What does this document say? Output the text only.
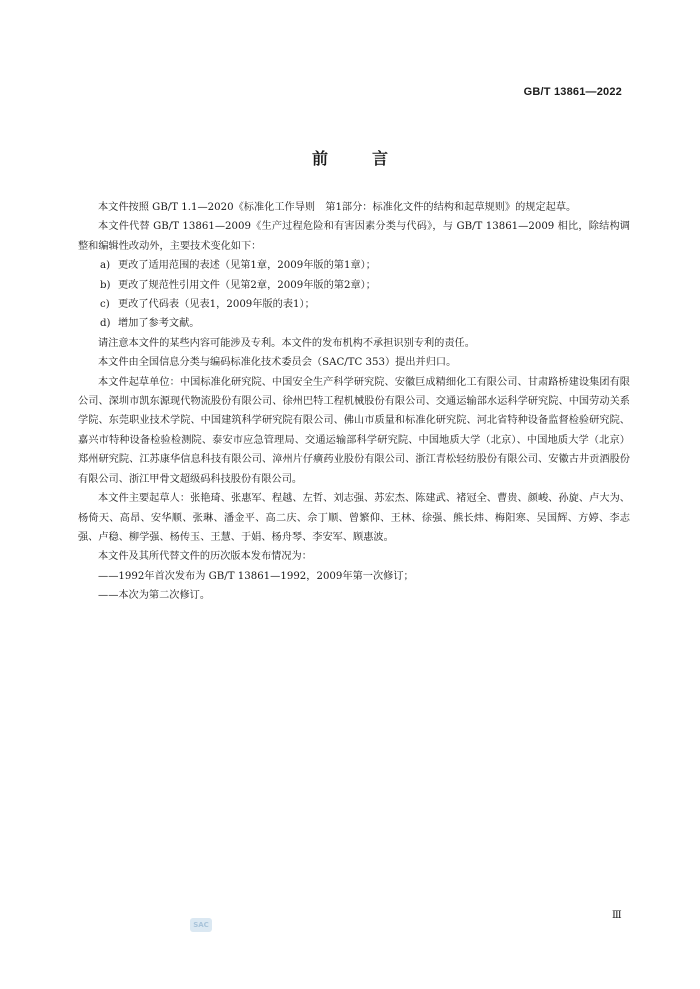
GB/T 13861—2022
前　言

本文件按照 GB/T 1.1—2020《标准化工作导则　第1部分：标准化文件的结构和起草规则》的规定起草。

本文件代替 GB/T 13861—2009《生产过程危险和有害因素分类与代码》，与 GB/T 13861—2009 相比，除结构调整和编辑性改动外，主要技术变化如下：

a) 更改了适用范围的表述（见第1章，2009年版的第1章）；

b) 更改了规范性引用文件（见第2章，2009年版的第2章）；

c) 更改了代码表（见表1，2009年版的表1）；

d) 增加了参考文献。

请注意本文件的某些内容可能涉及专利。本文件的发布机构不承担识别专利的责任。

本文件由全国信息分类与编码标准化技术委员会（SAC/TC 353）提出并归口。

本文件起草单位：中国标准化研究院、中国安全生产科学研究院、安徽巨成精细化工有限公司、甘肃路桥建设集团有限公司、深圳市凯东源现代物流股份有限公司、徐州巴特工程机械股份有限公司、交通运输部水运科学研究院、中国劳动关系学院、东莞职业技术学院、中国建筑科学研究院有限公司、佛山市质量和标准化研究院、河北省特种设备监督检验研究院、嘉兴市特种设备检验检测院、泰安市应急管理局、交通运输部科学研究院、中国地质大学（北京）、中国地质大学（北京）郑州研究院、江苏康华信息科技有限公司、漳州片仔癀药业股份有限公司、浙江青松轻纺股份有限公司、安徽古井贡酒股份有限公司、浙江甲骨文超级码科技股份有限公司。

本文件主要起草人：张艳琦、张惠军、程越、左哲、刘志强、苏宏杰、陈建武、褚冠全、曹贵、颜峻、孙旋、卢大为、杨倚天、高昂、安华顺、张琳、潘金平、高二庆、佘丁顺、曾繁仰、王林、徐强、熊长炜、梅阳寒、吴国辉、方婷、李志强、卢稳、柳学强、杨传玉、王慧、于娟、杨舟琴、李安军、顾惠波。

本文件及其所代替文件的历次版本发布情况为：

——1992年首次发布为 GB/T 13861—1992，2009年第一次修订；

——本次为第二次修订。

SAC
Ⅲ
